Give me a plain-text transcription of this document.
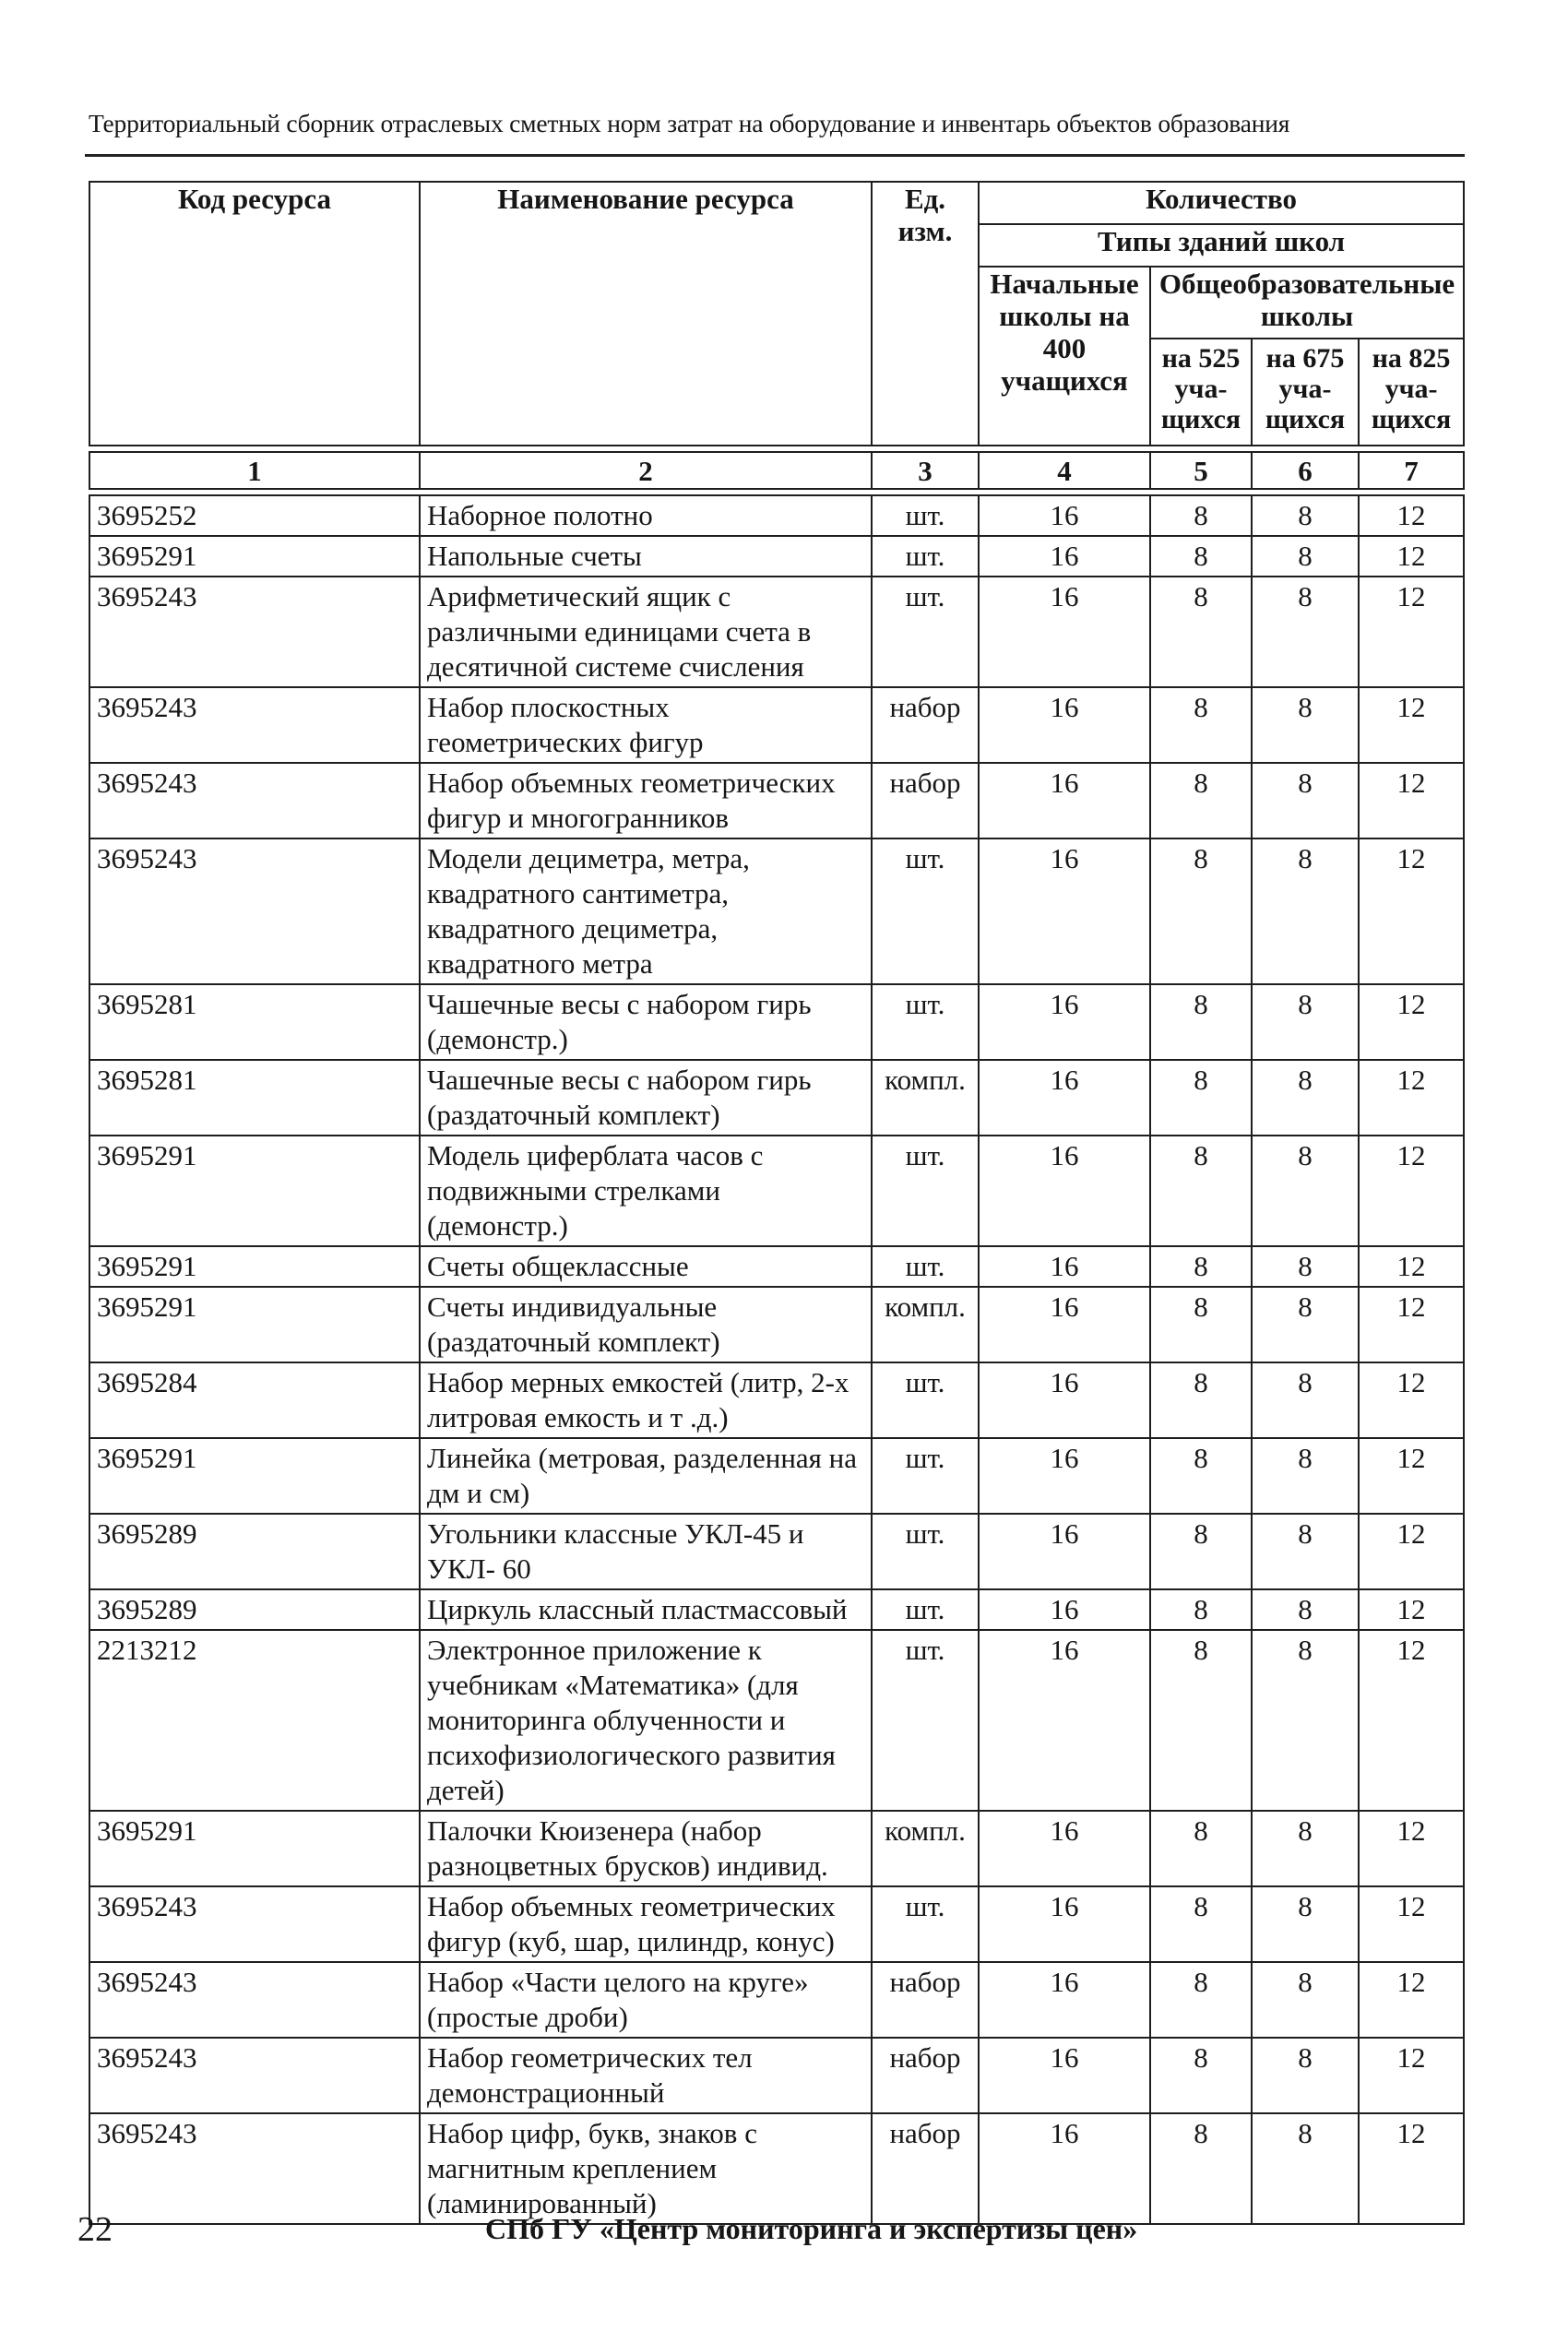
Территориальный сборник отраслевых сметных норм затрат на оборудование и инвентарь объектов образования
Код ресурса	Наименование ресурса	Ед. изм.	Количество			
			Типы зданий школ			
			Начальные школы на 400 учащихся	Общеобразовательные школы		
				на 525 уча-щихся	на 675 уча-щихся	на 825 уча-щихся

1	2	3	4	5	6	7

3695252	Наборное полотно	шт.	16	8	8	12
3695291	Напольные счеты	шт.	16	8	8	12
3695243	Арифметический ящик с различными единицами счета в десятичной системе счисления	шт.	16	8	8	12
3695243	Набор плоскостных геометрических фигур	набор	16	8	8	12
3695243	Набор объемных геометрических фигур и многогранников	набор	16	8	8	12
3695243	Модели дециметра, метра, квадратного сантиметра, квадратного дециметра, квадратного метра	шт.	16	8	8	12
3695281	Чашечные весы с набором гирь (демонстр.)	шт.	16	8	8	12
3695281	Чашечные весы с набором гирь (раздаточный комплект)	компл.	16	8	8	12
3695291	Модель циферблата часов с подвижными стрелками (демонстр.)	шт.	16	8	8	12
3695291	Счеты общеклассные	шт.	16	8	8	12
3695291	Счеты индивидуальные (раздаточный комплект)	компл.	16	8	8	12
3695284	Набор мерных емкостей (литр, 2-х литровая емкость и т .д.)	шт.	16	8	8	12
3695291	Линейка (метровая, разделенная на дм и см)	шт.	16	8	8	12
3695289	Угольники классные УКЛ-45 и УКЛ- 60	шт.	16	8	8	12
3695289	Циркуль классный пластмассовый	шт.	16	8	8	12
2213212	Электронное приложение к учебникам «Математика» (для мониторинга облученности и психофизиологического развития детей)	шт.	16	8	8	12
3695291	Палочки Кюизенера (набор разноцветных брусков) индивид.	компл.	16	8	8	12
3695243	Набор объемных геометрических фигур (куб, шар, цилиндр, конус)	шт.	16	8	8	12
3695243	Набор «Части целого на круге» (простые дроби)	набор	16	8	8	12
3695243	Набор геометрических тел демонстрационный	набор	16	8	8	12
3695243	Набор цифр, букв, знаков с магнитным креплением (ламинированный)	набор	16	8	8	12
22	СПб ГУ «Центр мониторинга и экспертизы цен»
